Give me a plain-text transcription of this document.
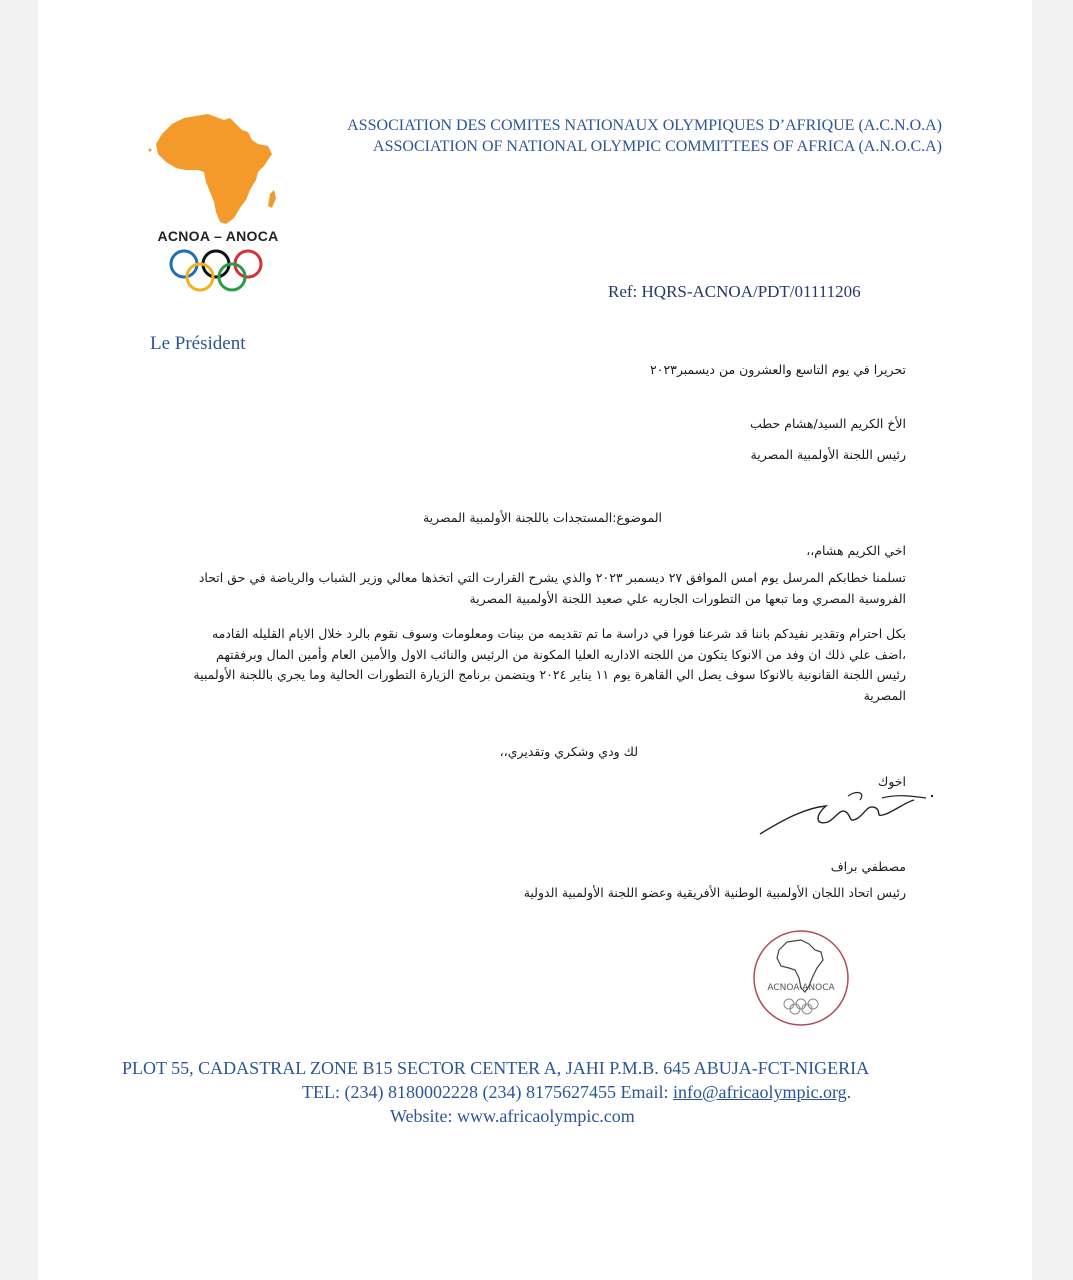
ACNOA – ANOCA
ASSOCIATION DES COMITES NATIONAUX OLYMPIQUES D’AFRIQUE (A.C.N.O.A)
ASSOCIATION OF NATIONAL OLYMPIC COMMITTEES OF AFRICA (A.N.O.C.A)
Ref: HQRS-ACNOA/PDT/01111206
Le Président
تحريرا في يوم التاسع والعشرون من ديسمبر٢٠٢٣
الأخ الكريم السيد/هشام حطب
رئيس اللجنة الأولمبية المصرية
الموضوع:المستجدات باللجنة الأولمبية المصرية
اخي الكريم هشام،،
تسلمنا خطابكم المرسل يوم امس الموافق ٢٧ ديسمبر ٢٠٢٣ والذي يشرح القرارت التي اتخذها معالي وزير الشباب والرياضة في حق اتحاد الفروسية المصري وما تبعها من التطورات الجاريه علي صعيد اللجنة الأولمبية المصرية
بكل احترام وتقدير نفيدكم باننا قد شرعنا فورا في دراسة ما تم تقديمه من بينات ومعلومات وسوف نقوم بالرد خلال الايام القليله القادمه ،اضف علي ذلك ان وفد من الانوكا يتكون من اللجنه الاداريه العليا المكونة من الرئيس والنائب الاول والأمين العام وأمين المال وبرفقتهم رئيس اللجنة القانونية بالانوكا سوف يصل الي القاهرة يوم ١١ يناير ٢٠٢٤ ويتضمن برنامج الزيارة التطورات الحالية وما يجري باللجنة الأولمبية المصرية
لك ودي وشكري وتقديري،،
اخوك
مصطفي براف
رئيس اتحاد اللجان الأولمبية الوطنية الأفريقية وعضو اللجنة الأولمبية الدولية
ACNOA-ANOCA
PLOT 55, CADASTRAL ZONE B15 SECTOR CENTER A, JAHI P.M.B. 645 ABUJA-FCT-NIGERIA
TEL: (234) 8180002228 (234) 8175627455 Email: info@africaolympic.org.
Website: www.africaolympic.com
